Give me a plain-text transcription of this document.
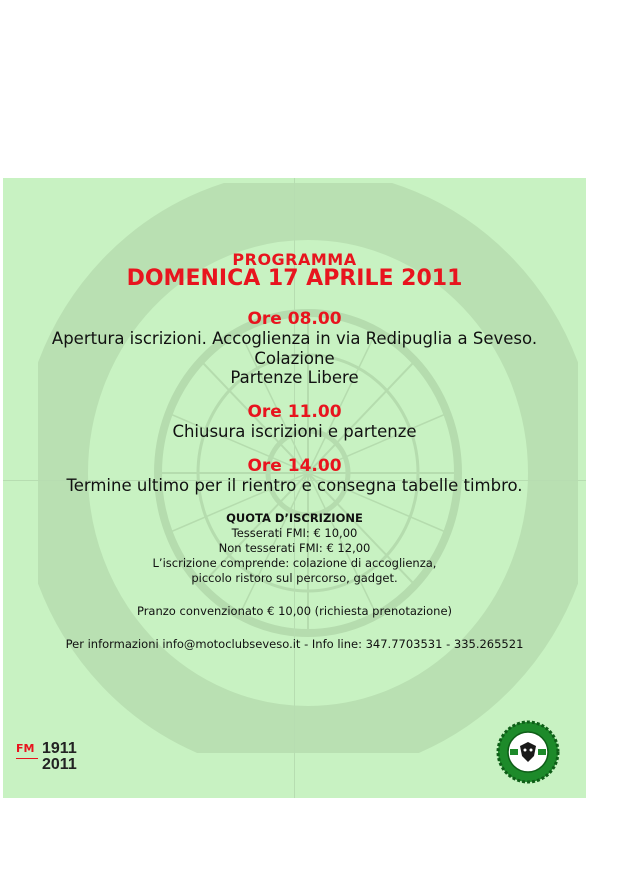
PROGRAMMA
DOMENICA 17 APRILE 2011
Ore 08.00
Apertura iscrizioni. Accoglienza in via Redipuglia a Seveso.
Colazione
Partenze Libere
Ore 11.00
Chiusura iscrizioni e partenze
Ore 14.00
Termine ultimo per il rientro e consegna tabelle timbro.
QUOTA D’ISCRIZIONE
Tesserati FMI: € 10,00
Non tesserati FMI: € 12,00
L’iscrizione comprende: colazione di accoglienza,
piccolo ristoro sul percorso, gadget.
Pranzo convenzionato € 10,00 (richiesta prenotazione)
Per informazioni info@motoclubseveso.it - Info line: 347.7703531 - 335.265521
FM 1911
2011
